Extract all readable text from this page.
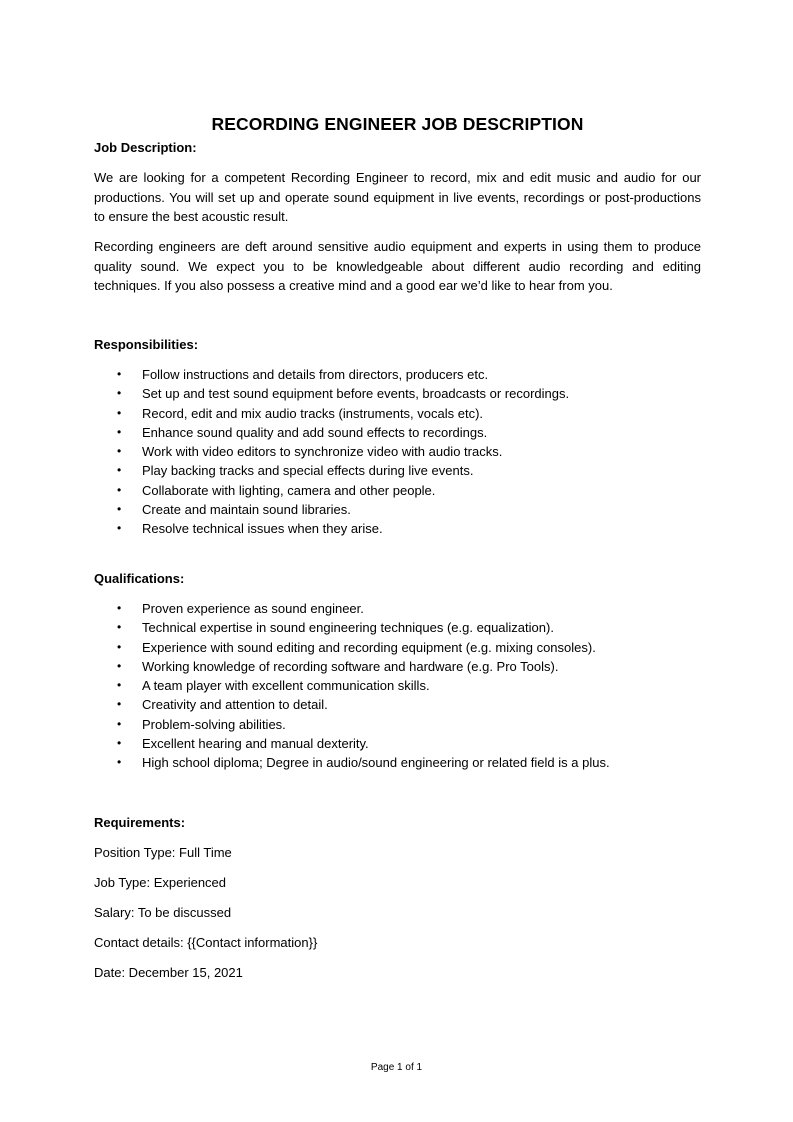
RECORDING ENGINEER JOB DESCRIPTION

Job Description:

We are looking for a competent Recording Engineer to record, mix and edit music and audio for our productions. You will set up and operate sound equipment in live events, recordings or post-productions to ensure the best acoustic result.

Recording engineers are deft around sensitive audio equipment and experts in using them to produce quality sound. We expect you to be knowledgeable about different audio recording and editing techniques. If you also possess a creative mind and a good ear we’d like to hear from you.

Responsibilities:

• Follow instructions and details from directors, producers etc.
• Set up and test sound equipment before events, broadcasts or recordings.
• Record, edit and mix audio tracks (instruments, vocals etc).
• Enhance sound quality and add sound effects to recordings.
• Work with video editors to synchronize video with audio tracks.
• Play backing tracks and special effects during live events.
• Collaborate with lighting, camera and other people.
• Create and maintain sound libraries.
• Resolve technical issues when they arise.

Qualifications:

• Proven experience as sound engineer.
• Technical expertise in sound engineering techniques (e.g. equalization).
• Experience with sound editing and recording equipment (e.g. mixing consoles).
• Working knowledge of recording software and hardware (e.g. Pro Tools).
• A team player with excellent communication skills.
• Creativity and attention to detail.
• Problem-solving abilities.
• Excellent hearing and manual dexterity.
• High school diploma; Degree in audio/sound engineering or related field is a plus.

Requirements:

Position Type: Full Time

Job Type: Experienced

Salary: To be discussed

Contact details: {{Contact information}}

Date: December 15, 2021

Page 1 of 1
